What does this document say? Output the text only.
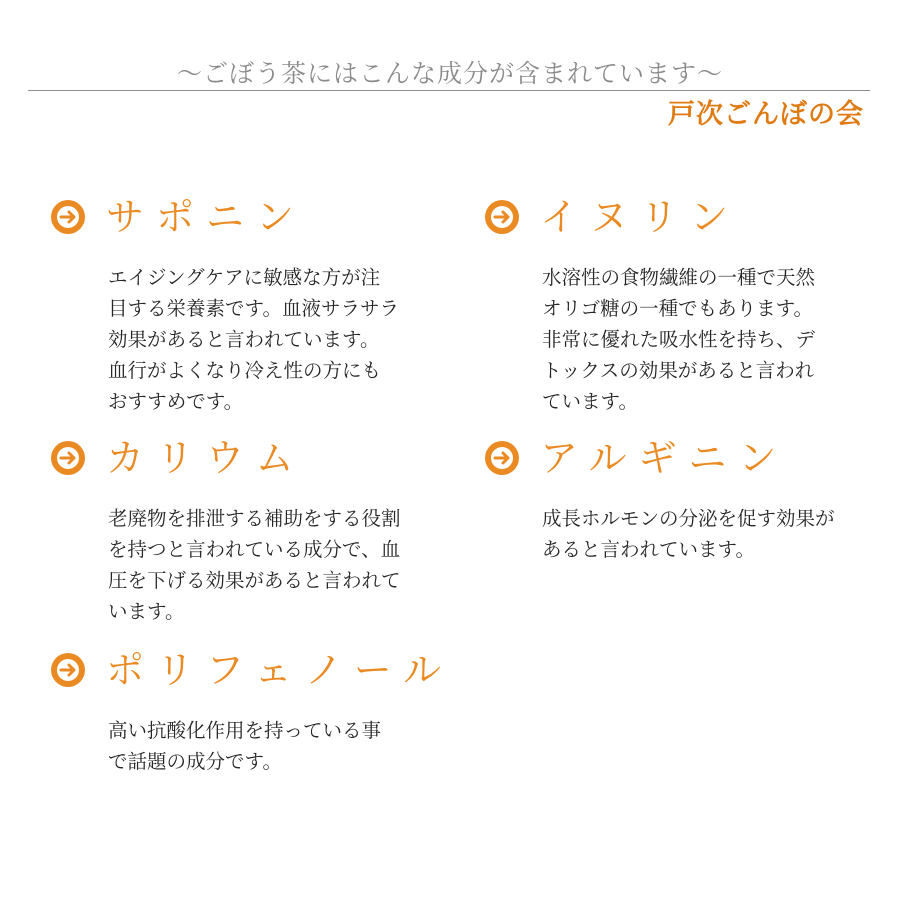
〜ごぼう茶にはこんな成分が含まれています〜
戸次ごんぼの会
サポニン
エイジングケアに敏感な方が注
目する栄養素です。血液サラサラ
効果があると言われています。
血行がよくなり冷え性の方にも
おすすめです。
イヌリン
水溶性の食物繊維の一種で天然
オリゴ糖の一種でもあります。
非常に優れた吸水性を持ち、デ
トックスの効果があると言われ
ています。
カリウム
老廃物を排泄する補助をする役割
を持つと言われている成分で、血
圧を下げる効果があると言われて
います。
アルギニン
成長ホルモンの分泌を促す効果が
あると言われています。
ポリフェノール
高い抗酸化作用を持っている事
で話題の成分です。
